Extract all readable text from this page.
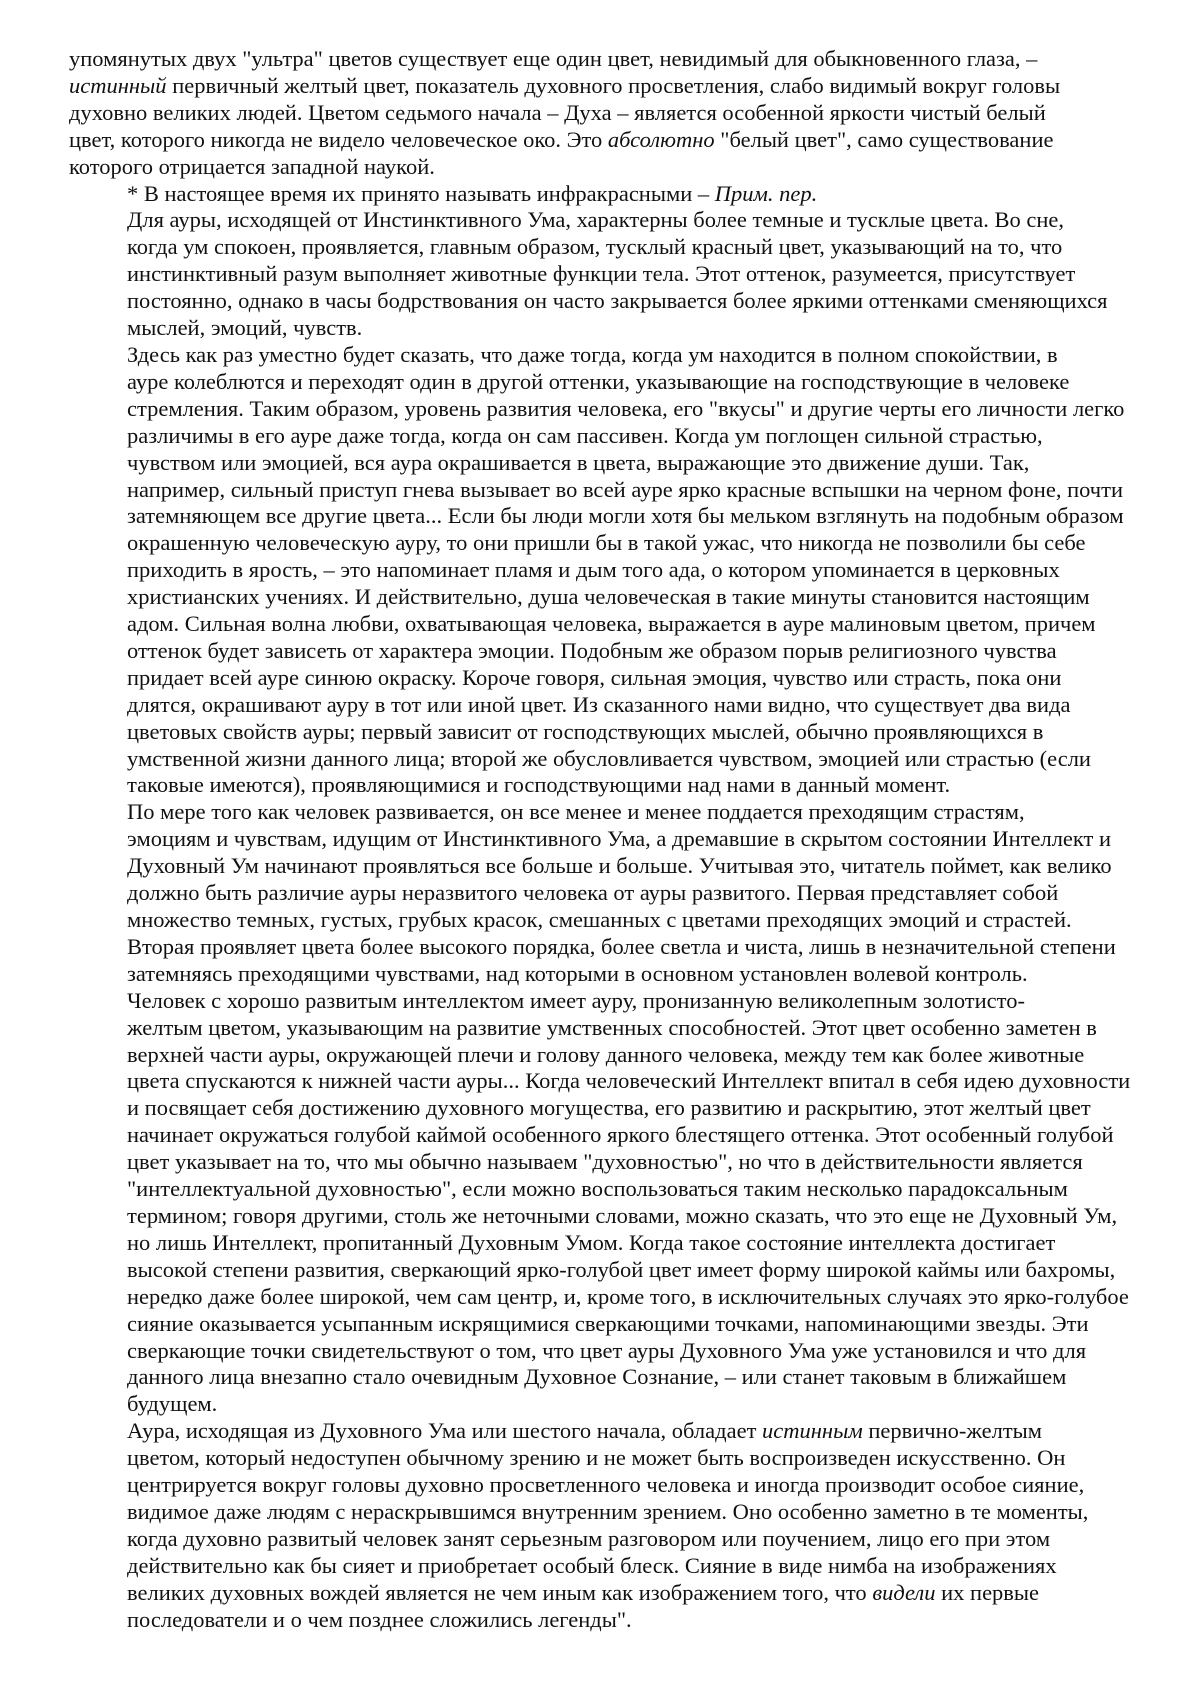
упомянутых двух "ультра" цветов существует еще один цвет, невидимый для обыкновенного глаза, –
истинный первичный желтый цвет, показатель духовного просветления, слабо видимый вокруг головы
духовно великих людей. Цветом седьмого начала – Духа – является особенной яркости чистый белый
цвет, которого никогда не видело человеческое око. Это абсолютно "белый цвет", само существование
которого отрицается западной наукой.

* В настоящее время их принято называть инфракрасными – Прим. пер.

Для ауры, исходящей от Инстинктивного Ума, характерны более темные и тусклые цвета. Во сне,
когда ум спокоен, проявляется, главным образом, тусклый красный цвет, указывающий на то, что
инстинктивный разум выполняет животные функции тела. Этот оттенок, разумеется, присутствует
постоянно, однако в часы бодрствования он часто закрывается более яркими оттенками сменяющихся
мыслей, эмоций, чувств.

Здесь как раз уместно будет сказать, что даже тогда, когда ум находится в полном спокойствии, в
ауре колеблются и переходят один в другой оттенки, указывающие на господствующие в человеке
стремления. Таким образом, уровень развития человека, его "вкусы" и другие черты его личности легко
различимы в его ауре даже тогда, когда он сам пассивен. Когда ум поглощен сильной страстью,
чувством или эмоцией, вся аура окрашивается в цвета, выражающие это движение души. Так,
например, сильный приступ гнева вызывает во всей ауре ярко красные вспышки на черном фоне, почти
затемняющем все другие цвета... Если бы люди могли хотя бы мельком взглянуть на подобным образом
окрашенную человеческую ауру, то они пришли бы в такой ужас, что никогда не позволили бы себе
приходить в ярость, – это напоминает пламя и дым того ада, о котором упоминается в церковных
христианских учениях. И действительно, душа человеческая в такие минуты становится настоящим
адом. Сильная волна любви, охватывающая человека, выражается в ауре малиновым цветом, причем
оттенок будет зависеть от характера эмоции. Подобным же образом порыв религиозного чувства
придает всей ауре синюю окраску. Короче говоря, сильная эмоция, чувство или страсть, пока они
длятся, окрашивают ауру в тот или иной цвет. Из сказанного нами видно, что существует два вида
цветовых свойств ауры; первый зависит от господствующих мыслей, обычно проявляющихся в
умственной жизни данного лица; второй же обусловливается чувством, эмоцией или страстью (если
таковые имеются), проявляющимися и господствующими над нами в данный момент.

По мере того как человек развивается, он все менее и менее поддается преходящим страстям,
эмоциям и чувствам, идущим от Инстинктивного Ума, а дремавшие в скрытом состоянии Интеллект и
Духовный Ум начинают проявляться все больше и больше. Учитывая это, читатель поймет, как велико
должно быть различие ауры неразвитого человека от ауры развитого. Первая представляет собой
множество темных, густых, грубых красок, смешанных с цветами преходящих эмоций и страстей.
Вторая проявляет цвета более высокого порядка, более светла и чиста, лишь в незначительной степени
затемняясь преходящими чувствами, над которыми в основном установлен волевой контроль.

Человек с хорошо развитым интеллектом имеет ауру, пронизанную великолепным золотисто-
желтым цветом, указывающим на развитие умственных способностей. Этот цвет особенно заметен в
верхней части ауры, окружающей плечи и голову данного человека, между тем как более животные
цвета спускаются к нижней части ауры... Когда человеческий Интеллект впитал в себя идею духовности
и посвящает себя достижению духовного могущества, его развитию и раскрытию, этот желтый цвет
начинает окружаться голубой каймой особенного яркого блестящего оттенка. Этот особенный голубой
цвет указывает на то, что мы обычно называем "духовностью", но что в действительности является
"интеллектуальной духовностью", если можно воспользоваться таким несколько парадоксальным
термином; говоря другими, столь же неточными словами, можно сказать, что это еще не Духовный Ум,
но лишь Интеллект, пропитанный Духовным Умом. Когда такое состояние интеллекта достигает
высокой степени развития, сверкающий ярко-голубой цвет имеет форму широкой каймы или бахромы,
нередко даже более широкой, чем сам центр, и, кроме того, в исключительных случаях это ярко-голубое
сияние оказывается усыпанным искрящимися сверкающими точками, напоминающими звезды. Эти
сверкающие точки свидетельствуют о том, что цвет ауры Духовного Ума уже установился и что для
данного лица внезапно стало очевидным Духовное Сознание, – или станет таковым в ближайшем
будущем.

Аура, исходящая из Духовного Ума или шестого начала, обладает истинным первично-желтым
цветом, который недоступен обычному зрению и не может быть воспроизведен искусственно. Он
центрируется вокруг головы духовно просветленного человека и иногда производит особое сияние,
видимое даже людям с нераскрывшимся внутренним зрением. Оно особенно заметно в те моменты,
когда духовно развитый человек занят серьезным разговором или поучением, лицо его при этом
действительно как бы сияет и приобретает особый блеск. Сияние в виде нимба на изображениях
великих духовных вождей является не чем иным как изображением того, что видели их первые
последователи и о чем позднее сложились легенды".
